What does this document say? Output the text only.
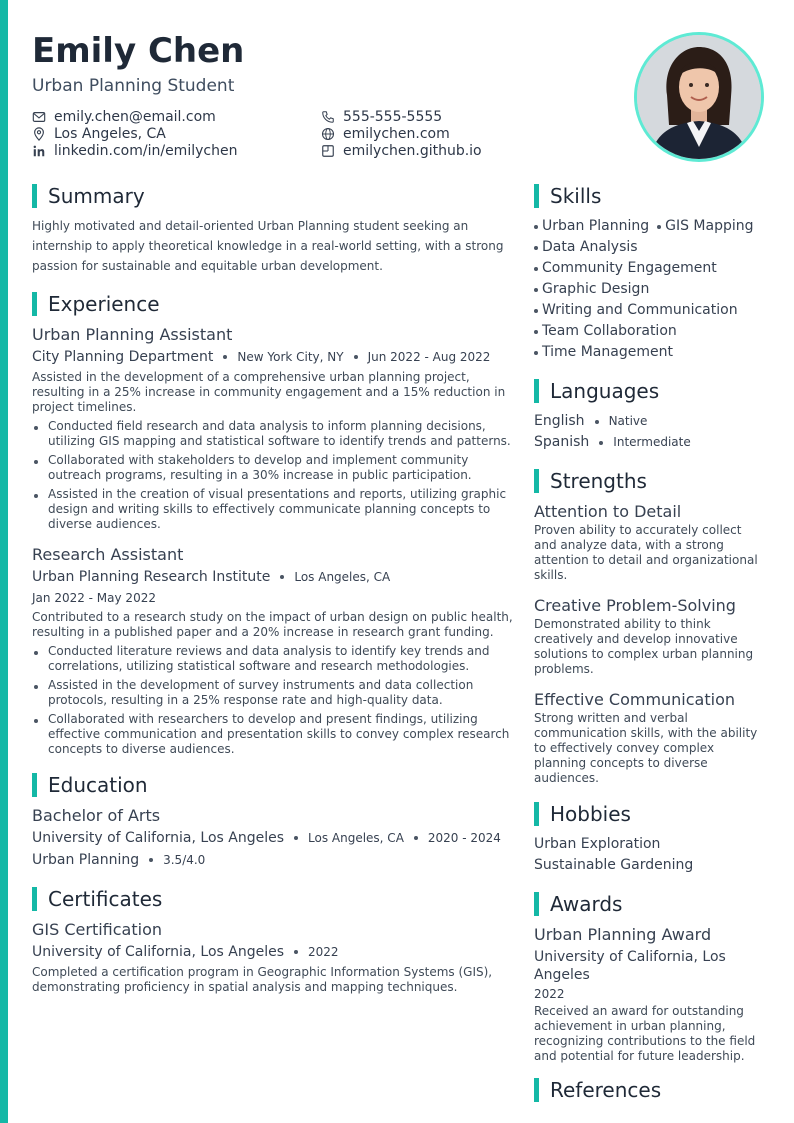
Emily Chen
Urban Planning Student
emily.chen@email.com	555-555-5555
Los Angeles, CA	emilychen.com
linkedin.com/in/emilychen	emilychen.github.io
Summary

Highly motivated and detail-oriented Urban Planning student seeking an internship to apply theoretical knowledge in a real-world setting, with a strong passion for sustainable and equitable urban development.

Experience
Urban Planning Assistant
City Planning Department New York City, NY Jun 2022 - Aug 2022
Assisted in the development of a comprehensive urban planning project, resulting in a 25% increase in community engagement and a 15% reduction in project timelines.
Conducted field research and data analysis to inform planning decisions, utilizing GIS mapping and statistical software to identify trends and patterns.
Collaborated with stakeholders to develop and implement community outreach programs, resulting in a 30% increase in public participation.
Assisted in the creation of visual presentations and reports, utilizing graphic design and writing skills to effectively communicate planning concepts to diverse audiences.
Research Assistant
Urban Planning Research Institute Los Angeles, CA
Jan 2022 - May 2022
Contributed to a research study on the impact of urban design on public health, resulting in a published paper and a 20% increase in research grant funding.
Conducted literature reviews and data analysis to identify key trends and correlations, utilizing statistical software and research methodologies.
Assisted in the development of survey instruments and data collection protocols, resulting in a 25% response rate and high-quality data.
Collaborated with researchers to develop and present findings, utilizing effective communication and presentation skills to convey complex research concepts to diverse audiences.
Education
Bachelor of Arts
University of California, Los Angeles Los Angeles, CA 2020 - 2024
Urban Planning 3.5/4.0
Certificates
GIS Certification
University of California, Los Angeles 2022
Completed a certification program in Geographic Information Systems (GIS), demonstrating proficiency in spatial analysis and mapping techniques.
Skills
Urban Planning	GIS Mapping
Data Analysis
Community Engagement
Graphic Design
Writing and Communication
Team Collaboration
Time Management
Languages
English Native
Spanish Intermediate
Strengths
Attention to Detail
Proven ability to accurately collect and analyze data, with a strong attention to detail and organizational skills.
Creative Problem-Solving
Demonstrated ability to think creatively and develop innovative solutions to complex urban planning problems.
Effective Communication
Strong written and verbal communication skills, with the ability to effectively convey complex planning concepts to diverse audiences.
Hobbies
Urban Exploration
Sustainable Gardening
Awards
Urban Planning Award
University of California, Los Angeles
2022
Received an award for outstanding achievement in urban planning, recognizing contributions to the field and potential for future leadership.
References
